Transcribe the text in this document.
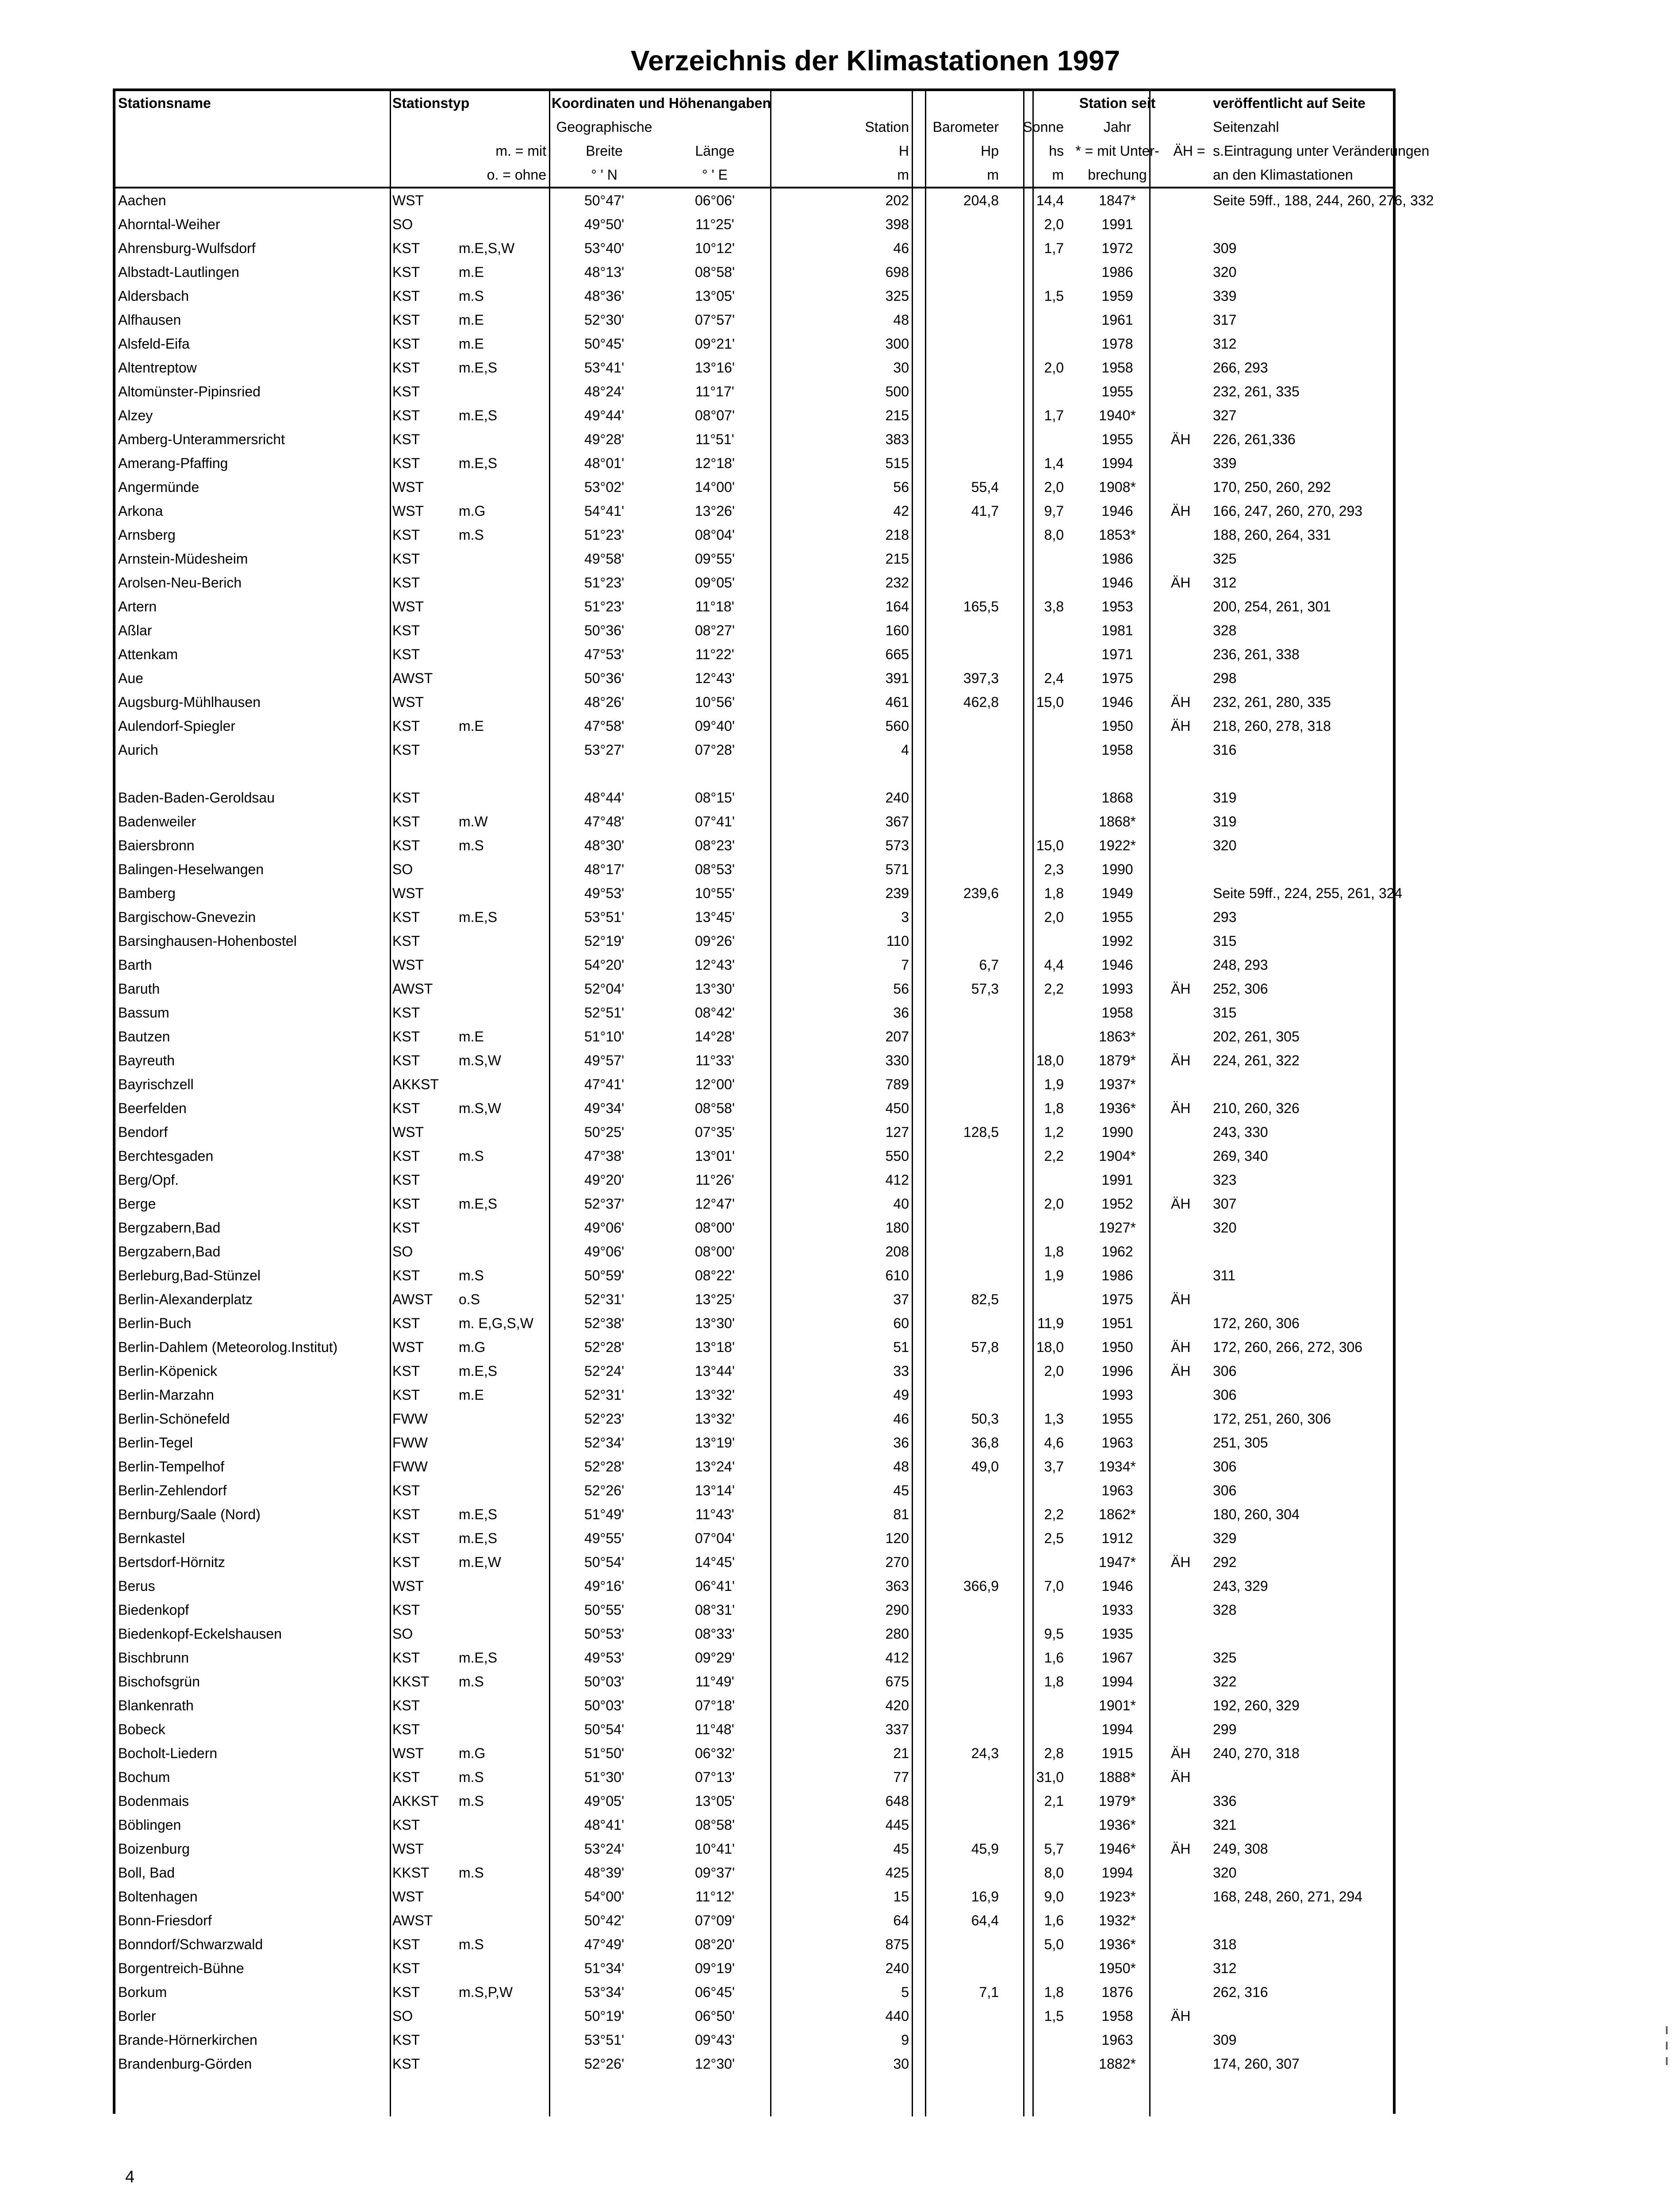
Verzeichnis der Klimastationen 1997
Stationsname	Stationstyp		Koordinaten und Höhenangaben					Station seit		veröffentlicht auf Seite
			Geographische		Station	Barometer	Sonne	Jahr		Seitenzahl
		m. = mit	Breite	Länge	H	Hp	hs	* = mit Unter-	ÄH =	s.Eintragung unter Veränderungen
		o. = ohne	° ' N	° ' E	m	m	m	brechung		an den Klimastationen
Aachen	WST		50°47'	06°06'	202	204,8	14,4	1847*		Seite 59ff., 188, 244, 260, 276, 332
Ahorntal-Weiher	SO		49°50'	11°25'	398		2,0	1991		
Ahrensburg-Wulfsdorf	KST	m.E,S,W	53°40'	10°12'	46		1,7	1972		309
Albstadt-Lautlingen	KST	m.E	48°13'	08°58'	698			1986		320
Aldersbach	KST	m.S	48°36'	13°05'	325		1,5	1959		339
Alfhausen	KST	m.E	52°30'	07°57'	48			1961		317
Alsfeld-Eifa	KST	m.E	50°45'	09°21'	300			1978		312
Altentreptow	KST	m.E,S	53°41'	13°16'	30		2,0	1958		266, 293
Altomünster-Pipinsried	KST		48°24'	11°17'	500			1955		232, 261, 335
Alzey	KST	m.E,S	49°44'	08°07'	215		1,7	1940*		327
Amberg-Unterammersricht	KST		49°28'	11°51'	383			1955	ÄH	226, 261,336
Amerang-Pfaffing	KST	m.E,S	48°01'	12°18'	515		1,4	1994		339
Angermünde	WST		53°02'	14°00'	56	55,4	2,0	1908*		170, 250, 260, 292
Arkona	WST	m.G	54°41'	13°26'	42	41,7	9,7	1946	ÄH	166, 247, 260, 270, 293
Arnsberg	KST	m.S	51°23'	08°04'	218		8,0	1853*		188, 260, 264, 331
Arnstein-Müdesheim	KST		49°58'	09°55'	215			1986		325
Arolsen-Neu-Berich	KST		51°23'	09°05'	232			1946	ÄH	312
Artern	WST		51°23'	11°18'	164	165,5	3,8	1953		200, 254, 261, 301
Aßlar	KST		50°36'	08°27'	160			1981		328
Attenkam	KST		47°53'	11°22'	665			1971		236, 261, 338
Aue	AWST		50°36'	12°43'	391	397,3	2,4	1975		298
Augsburg-Mühlhausen	WST		48°26'	10°56'	461	462,8	15,0	1946	ÄH	232, 261, 280, 335
Aulendorf-Spiegler	KST	m.E	47°58'	09°40'	560			1950	ÄH	218, 260, 278, 318
Aurich	KST		53°27'	07°28'	4			1958		316

Baden-Baden-Geroldsau	KST		48°44'	08°15'	240			1868		319
Badenweiler	KST	m.W	47°48'	07°41'	367			1868*		319
Baiersbronn	KST	m.S	48°30'	08°23'	573		15,0	1922*		320
Balingen-Heselwangen	SO		48°17'	08°53'	571		2,3	1990		
Bamberg	WST		49°53'	10°55'	239	239,6	1,8	1949		Seite 59ff., 224, 255, 261, 324
Bargischow-Gnevezin	KST	m.E,S	53°51'	13°45'	3		2,0	1955		293
Barsinghausen-Hohenbostel	KST		52°19'	09°26'	110			1992		315
Barth	WST		54°20'	12°43'	7	6,7	4,4	1946		248, 293
Baruth	AWST		52°04'	13°30'	56	57,3	2,2	1993	ÄH	252, 306
Bassum	KST		52°51'	08°42'	36			1958		315
Bautzen	KST	m.E	51°10'	14°28'	207			1863*		202, 261, 305
Bayreuth	KST	m.S,W	49°57'	11°33'	330		18,0	1879*	ÄH	224, 261, 322
Bayrischzell	AKKST		47°41'	12°00'	789		1,9	1937*		
Beerfelden	KST	m.S,W	49°34'	08°58'	450		1,8	1936*	ÄH	210, 260, 326
Bendorf	WST		50°25'	07°35'	127	128,5	1,2	1990		243, 330
Berchtesgaden	KST	m.S	47°38'	13°01'	550		2,2	1904*		269, 340
Berg/Opf.	KST		49°20'	11°26'	412			1991		323
Berge	KST	m.E,S	52°37'	12°47'	40		2,0	1952	ÄH	307
Bergzabern,Bad	KST		49°06'	08°00'	180			1927*		320
Bergzabern,Bad	SO		49°06'	08°00'	208		1,8	1962		
Berleburg,Bad-Stünzel	KST	m.S	50°59'	08°22'	610		1,9	1986		311
Berlin-Alexanderplatz	AWST	o.S	52°31'	13°25'	37	82,5		1975	ÄH	
Berlin-Buch	KST	m. E,G,S,W	52°38'	13°30'	60		11,9	1951		172, 260, 306
Berlin-Dahlem (Meteorolog.Institut)	WST	m.G	52°28'	13°18'	51	57,8	18,0	1950	ÄH	172, 260, 266, 272, 306
Berlin-Köpenick	KST	m.E,S	52°24'	13°44'	33		2,0	1996	ÄH	306
Berlin-Marzahn	KST	m.E	52°31'	13°32'	49			1993		306
Berlin-Schönefeld	FWW		52°23'	13°32'	46	50,3	1,3	1955		172, 251, 260, 306
Berlin-Tegel	FWW		52°34'	13°19'	36	36,8	4,6	1963		251, 305
Berlin-Tempelhof	FWW		52°28'	13°24'	48	49,0	3,7	1934*		306
Berlin-Zehlendorf	KST		52°26'	13°14'	45			1963		306
Bernburg/Saale (Nord)	KST	m.E,S	51°49'	11°43'	81		2,2	1862*		180, 260, 304
Bernkastel	KST	m.E,S	49°55'	07°04'	120		2,5	1912		329
Bertsdorf-Hörnitz	KST	m.E,W	50°54'	14°45'	270			1947*	ÄH	292
Berus	WST		49°16'	06°41'	363	366,9	7,0	1946		243, 329
Biedenkopf	KST		50°55'	08°31'	290			1933		328
Biedenkopf-Eckelshausen	SO		50°53'	08°33'	280		9,5	1935		
Bischbrunn	KST	m.E,S	49°53'	09°29'	412		1,6	1967		325
Bischofsgrün	KKST	m.S	50°03'	11°49'	675		1,8	1994		322
Blankenrath	KST		50°03'	07°18'	420			1901*		192, 260, 329
Bobeck	KST		50°54'	11°48'	337			1994		299
Bocholt-Liedern	WST	m.G	51°50'	06°32'	21	24,3	2,8	1915	ÄH	240, 270, 318
Bochum	KST	m.S	51°30'	07°13'	77		31,0	1888*	ÄH	
Bodenmais	AKKST	m.S	49°05'	13°05'	648		2,1	1979*		336
Böblingen	KST		48°41'	08°58'	445			1936*		321
Boizenburg	WST		53°24'	10°41'	45	45,9	5,7	1946*	ÄH	249, 308
Boll, Bad	KKST	m.S	48°39'	09°37'	425		8,0	1994		320
Boltenhagen	WST		54°00'	11°12'	15	16,9	9,0	1923*		168, 248, 260, 271, 294
Bonn-Friesdorf	AWST		50°42'	07°09'	64	64,4	1,6	1932*		
Bonndorf/Schwarzwald	KST	m.S	47°49'	08°20'	875		5,0	1936*		318
Borgentreich-Bühne	KST		51°34'	09°19'	240			1950*		312
Borkum	KST	m.S,P,W	53°34'	06°45'	5	7,1	1,8	1876		262, 316
Borler	SO		50°19'	06°50'	440		1,5	1958	ÄH	
Brande-Hörnerkirchen	KST		53°51'	09°43'	9			1963		309
Brandenburg-Görden	KST		52°26'	12°30'	30			1882*		174, 260, 307

4
